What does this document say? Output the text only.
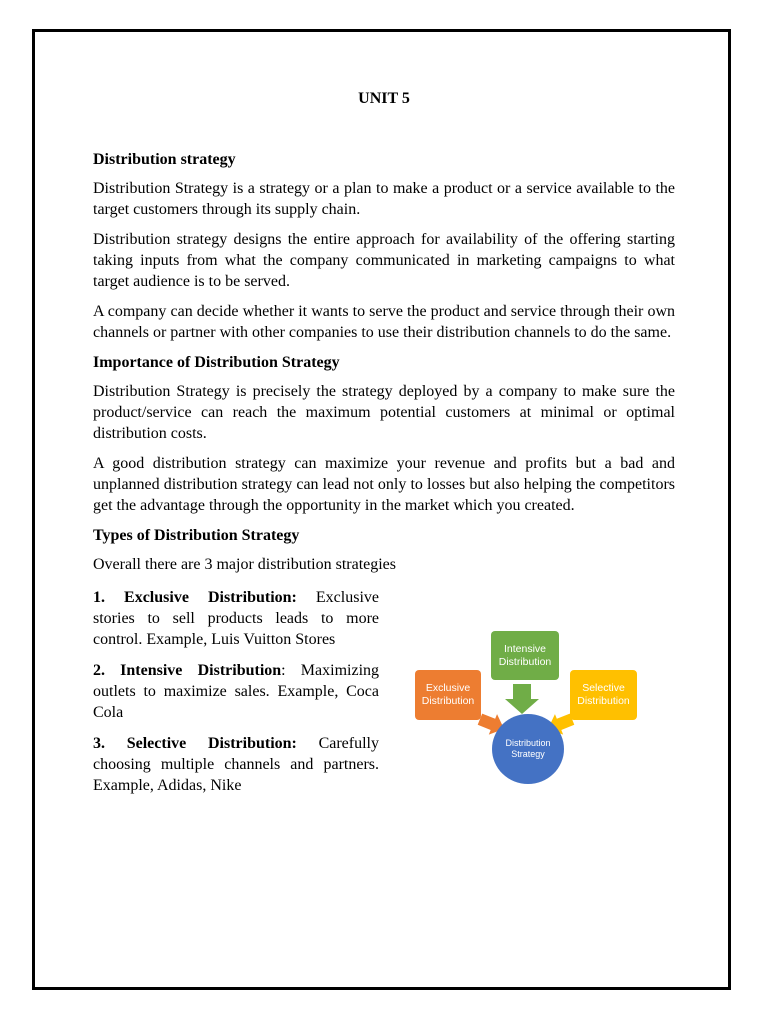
UNIT 5
Distribution strategy

Distribution Strategy is a strategy or a plan to make a product or a service available to the target customers through its supply chain.

Distribution strategy designs the entire approach for availability of the offering starting taking inputs from what the company communicated in marketing campaigns to what target audience is to be served.

A company can decide whether it wants to serve the product and service through their own channels or partner with other companies to use their distribution channels to do the same.

Importance of Distribution Strategy

Distribution Strategy is precisely the strategy deployed by a company to make sure the product/service can reach the maximum potential customers at minimal or optimal distribution costs.

A good distribution strategy can maximize your revenue and profits but a bad and unplanned distribution strategy can lead not only to losses but also helping the competitors get the advantage through the opportunity in the market which you created.

Types of Distribution Strategy

Overall there are 3 major distribution strategies

1. Exclusive Distribution: Exclusive stories to sell products leads to more control. Example, Luis Vuitton Stores

2. Intensive Distribution: Maximizing outlets to maximize sales. Example, Coca Cola

3. Selective Distribution: Carefully choosing multiple channels and partners. Example, Adidas, Nike

Intensive Distribution
Exclusive Distribution
Selective Distribution
Distribution Strategy
